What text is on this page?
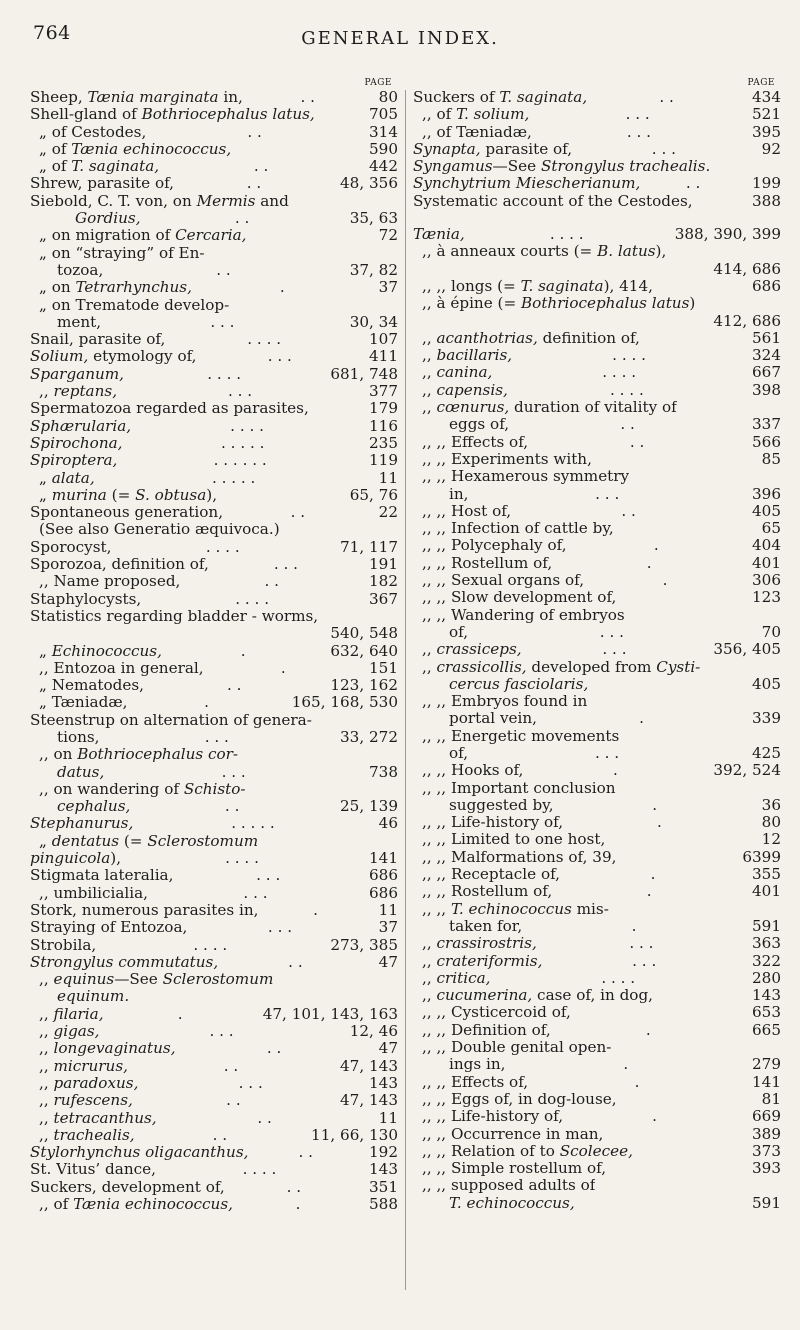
764	GENERAL INDEX.
PAGE
Sheep, Tænia marginata in,	. .	80
Shell-gland of Bothriocephalus latus,	705
„ of Cestodes,	. .	314
„ of Tænia echinococcus,	590
„ of T. saginata,	. .	442
Shrew, parasite of,	. .	48, 356
Siebold, C. T. von, on Mermis and
Gordius,	. .	35, 63
„ on migration of Cercaria,	72
„ on “straying” of En-
tozoa,	. .	37, 82
„ on Tetrarhynchus,	.	37
„ on Trematode develop-
ment,	. . .	30, 34
Snail, parasite of,	. . . .	107
Solium, etymology of,	. . .	411
Sparganum,	. . . .	681, 748
,, reptans,	. . .	377
Spermatozoa regarded as parasites,	179
Sphærularia,	. . . .	116
Spirochona,	. . . . .	235
Spiroptera,	. . . . . .	119
„ alata,	. . . . .	11
„ murina (= S. obtusa),	65, 76
Spontaneous generation,	. .	22
(See also Generatio æquivoca.)
Sporocyst,	. . . .	71, 117
Sporozoa, definition of,	. . .	191
,, Name proposed,	. .	182
Staphylocysts,	. . . .	367
Statistics regarding bladder - worms,
540, 548
„ Echinococcus,	.	632, 640
,, Entozoa in general,	.	151
„ Nematodes,	. .	123, 162
„ Tæniadæ,	.	165, 168, 530
Steenstrup on alternation of genera-
tions,	. . .	33, 272
,, on Bothriocephalus cor-
datus,	. . .	738
,, on wandering of Schisto-
cephalus,	. .	25, 139
Stephanurus,	. . . . .	46
„ dentatus (= Sclerostomum
pinguicola),	. . . .	141
Stigmata lateralia,	. . .	686
,, umbilicialia,	. . .	686
Stork, numerous parasites in,	.	11
Straying of Entozoa,	. . .	37
Strobila,	. . . .	273, 385
Strongylus commutatus,	. .	47
,, equinus—See Sclerostomum
equinum.
,, filaria,	.	47, 101, 143, 163
,, gigas,	. . .	12, 46
,, longevaginatus,	. .	47
,, micrurus,	. .	47, 143
,, paradoxus,	. . .	143
,, rufescens,	. .	47, 143
,, tetracanthus,	. .	11
,, trachealis,	. .	11, 66, 130
Stylorhynchus oligacanthus,	. .	192
St. Vitus’ dance,	. . . .	143
Suckers, development of,	. .	351
,, of Tænia echinococcus,	.	588
PAGE
Suckers of T. saginata,	. .	434
,, of T. solium,	. . .	521
,, of Tæniadæ,	. . .	395
Synapta, parasite of,	. . .	92
Syngamus—See Strongylus trachealis.
Synchytrium Miescherianum,	. .	199
Systematic account of the Cestodes,	388
Tænia,	. . . .	388, 390, 399
,, à anneaux courts (= B. latus),
414, 686
,, ,, longs (= T. saginata), 414,	686
,, à épine (= Bothriocephalus latus)
412, 686
,, acanthotrias, definition of,	561
,, bacillaris,	. . . .	324
,, canina,	. . . .	667
,, capensis,	. . . .	398
,, cœnurus, duration of vitality of
eggs of,	. .	337
,, ,, Effects of,	. .	566
,, ,, Experiments with,	85
,, ,, Hexamerous symmetry
in,	. . .	396
,, ,, Host of,	. .	405
,, ,, Infection of cattle by,	65
,, ,, Polycephaly of,	.	404
,, ,, Rostellum of,	.	401
,, ,, Sexual organs of,	.	306
,, ,, Slow development of,	123
,, ,, Wandering of embryos
of,	. . .	70
,, crassiceps,	. . .	356, 405
,, crassicollis, developed from Cysti-
cercus fasciolaris,	405
,, ,, Embryos found in
portal vein,	.	339
,, ,, Energetic movements
of,	. . .	425
,, ,, Hooks of,	.	392, 524
,, ,, Important conclusion
suggested by,	.	36
,, ,, Life-history of,	.	80
,, ,, Limited to one host,	12
,, ,, Malformations of, 39,	6399
,, ,, Receptacle of,	.	355
,, ,, Rostellum of,	.	401
,, ,, T. echinococcus mis-
taken for,	.	591
,, crassirostris,	. . .	363
,, crateriformis,	. . .	322
,, critica,	. . . .	280
,, cucumerina, case of, in dog,	143
,, ,, Cysticercoid of,	653
,, ,, Definition of,	.	665
,, ,, Double genital open-
ings in,	.	279
,, ,, Effects of,	.	141
,, ,, Eggs of, in dog-louse,	81
,, ,, Life-history of,	.	669
,, ,, Occurrence in man,	389
,, ,, Relation of to Scolecee,	373
,, ,, Simple rostellum of,	393
,, ,, supposed adults of
T. echinococcus,	591
